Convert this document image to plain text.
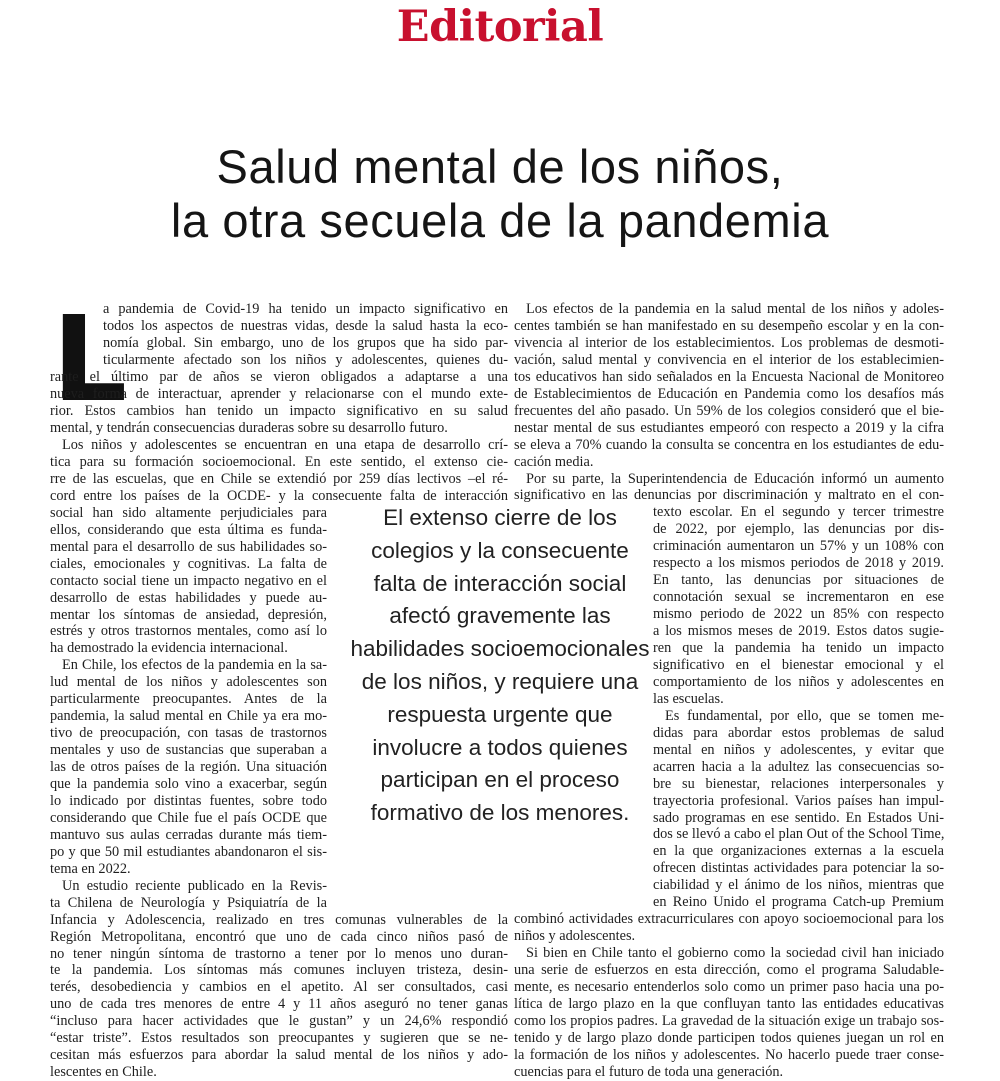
Editorial
Salud mental de los niños,
la otra secuela de la pandemia
L
a pandemia de Covid-19 ha tenido un impacto significativo en
todos los aspectos de nuestras vidas, desde la salud hasta la eco-
nomía global. Sin embargo, uno de los grupos que ha sido par-
ticularmente afectado son los niños y adolescentes, quienes du-
rante el último par de años se vieron obligados a adaptarse a una
nueva forma de interactuar, aprender y relacionarse con el mundo exte-
rior. Estos cambios han tenido un impacto significativo en su salud
mental, y tendrán consecuencias duraderas sobre su desarrollo futuro.
Los niños y adolescentes se encuentran en una etapa de desarrollo crí-
tica para su formación socioemocional. En este sentido, el extenso cie-
rre de las escuelas, que en Chile se extendió por 259 días lectivos –el ré-
cord entre los países de la OCDE- y la consecuente falta de interacción
social han sido altamente perjudiciales para
ellos, considerando que esta última es funda-
mental para el desarrollo de sus habilidades so-
ciales, emocionales y cognitivas. La falta de
contacto social tiene un impacto negativo en el
desarrollo de estas habilidades y puede au-
mentar los síntomas de ansiedad, depresión,
estrés y otros trastornos mentales, como así lo
ha demostrado la evidencia internacional.
En Chile, los efectos de la pandemia en la sa-
lud mental de los niños y adolescentes son
particularmente preocupantes. Antes de la
pandemia, la salud mental en Chile ya era mo-
tivo de preocupación, con tasas de trastornos
mentales y uso de sustancias que superaban a
las de otros países de la región. Una situación
que la pandemia solo vino a exacerbar, según
lo indicado por distintas fuentes, sobre todo
considerando que Chile fue el país OCDE que
mantuvo sus aulas cerradas durante más tiem-
po y que 50 mil estudiantes abandonaron el sis-
tema en 2022.
Un estudio reciente publicado en la Revis-
ta Chilena de Neurología y Psiquiatría de la
Infancia y Adolescencia, realizado en tres comunas vulnerables de la
Región Metropolitana, encontró que uno de cada cinco niños pasó de
no tener ningún síntoma de trastorno a tener por lo menos uno duran-
te la pandemia. Los síntomas más comunes incluyen tristeza, desin-
terés, desobediencia y cambios en el apetito. Al ser consultados, casi
uno de cada tres menores de entre 4 y 11 años aseguró no tener ganas
“incluso para hacer actividades que le gustan” y un 24,6% respondió
“estar triste”. Estos resultados son preocupantes y sugieren que se ne-
cesitan más esfuerzos para abordar la salud mental de los niños y ado-
lescentes en Chile.
Los efectos de la pandemia en la salud mental de los niños y adoles-
centes también se han manifestado en su desempeño escolar y en la con-
vivencia al interior de los establecimientos. Los problemas de desmoti-
vación, salud mental y convivencia en el interior de los establecimien-
tos educativos han sido señalados en la Encuesta Nacional de Monitoreo
de Establecimientos de Educación en Pandemia como los desafíos más
frecuentes del año pasado. Un 59% de los colegios consideró que el bie-
nestar mental de sus estudiantes empeoró con respecto a 2019 y la cifra
se eleva a 70% cuando la consulta se concentra en los estudiantes de edu-
cación media.
Por su parte, la Superintendencia de Educación informó un aumento
significativo en las denuncias por discriminación y maltrato en el con-
texto escolar. En el segundo y tercer trimestre
de 2022, por ejemplo, las denuncias por dis-
criminación aumentaron un 57% y un 108% con
respecto a los mismos periodos de 2018 y 2019.
En tanto, las denuncias por situaciones de
connotación sexual se incrementaron en ese
mismo periodo de 2022 un 85% con respecto
a los mismos meses de 2019. Estos datos sugie-
ren que la pandemia ha tenido un impacto
significativo en el bienestar emocional y el
comportamiento de los niños y adolescentes en
las escuelas.
Es fundamental, por ello, que se tomen me-
didas para abordar estos problemas de salud
mental en niños y adolescentes, y evitar que
acarren hacia a la adultez las consecuencias so-
bre su bienestar, relaciones interpersonales y
trayectoria profesional. Varios países han impul-
sado programas en ese sentido. En Estados Uni-
dos se llevó a cabo el plan Out of the School Time,
en la que organizaciones externas a la escuela
ofrecen distintas actividades para potenciar la so-
ciabilidad y el ánimo de los niños, mientras que
en Reino Unido el programa Catch-up Premium
combinó actividades extracurriculares con apoyo socioemocional para los
niños y adolescentes.
Si bien en Chile tanto el gobierno como la sociedad civil han iniciado
una serie de esfuerzos en esta dirección, como el programa Saludable-
mente, es necesario entenderlos solo como un primer paso hacia una po-
lítica de largo plazo en la que confluyan tanto las entidades educativas
como los propios padres. La gravedad de la situación exige un trabajo sos-
tenido y de largo plazo donde participen todos quienes juegan un rol en
la formación de los niños y adolescentes. No hacerlo puede traer conse-
cuencias para el futuro de toda una generación.
El extenso cierre de los
colegios y la consecuente
falta de interacción social
afectó gravemente las
habilidades socioemocionales
de los niños, y requiere una
respuesta urgente que
involucre a todos quienes
participan en el proceso
formativo de los menores.
